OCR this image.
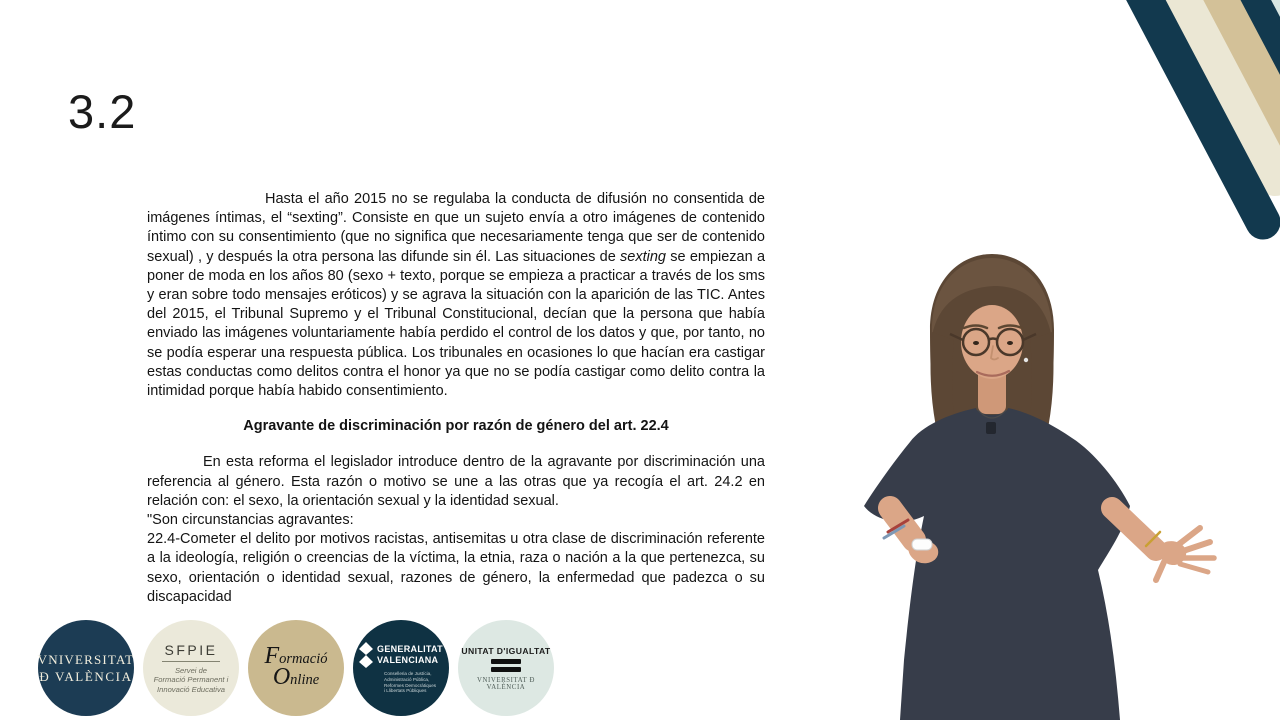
3.2

Hasta el año 2015 no se regulaba la conducta de difusión no consentida de imágenes íntimas, el “sexting”. Consiste en que un sujeto envía a otro imágenes de contenido íntimo con su consentimiento (que no significa que necesariamente tenga que ser de contenido sexual) , y después la otra persona las difunde sin él. Las situaciones de sexting se empiezan a poner de moda en los años 80 (sexo + texto, porque se empieza a practicar a través de los sms y eran sobre todo mensajes eróticos) y se agrava la situación con la aparición de las TIC. Antes del 2015, el Tribunal Supremo y el Tribunal Constitucional, decían que la persona que había enviado las imágenes voluntariamente había perdido el control de los datos y que, por tanto, no se podía esperar una respuesta pública. Los tribunales en ocasiones lo que hacían era castigar estas conductas como delitos contra el honor ya que no se podía castigar como delito contra la intimidad porque había habido consentimiento.

Agravante de discriminación por razón de género del art. 22.4

En esta reforma el legislador introduce dentro de la agravante por discriminación una referencia al género. Esta razón o motivo se une a las otras que ya recogía el art. 24.2 en relación con: el sexo, la orientación sexual y la identidad sexual.

"Son circunstancias agravantes:

22.4-Cometer el delito por motivos racistas, antisemitas u otra clase de discriminación referente a la ideología, religión o creencias de la víctima, la etnia, raza o nación a la que pertenezca, su sexo, orientación o identidad sexual, razones de género, la enfermedad que padezca o su discapacidad

VNIVERSITAT
Đ VALÈNCIA
SFPIE
Servei de
Formació Permanent i
Innovació Educativa
Formació
Online
GENERALITAT
VALENCIANA
Conselleria de Justícia, Administració Pública, Reformes Democràtiques i Llibertats Públiques
UNITAT D'IGUALTAT
VNIVERSITAT Đ VALÈNCIA
